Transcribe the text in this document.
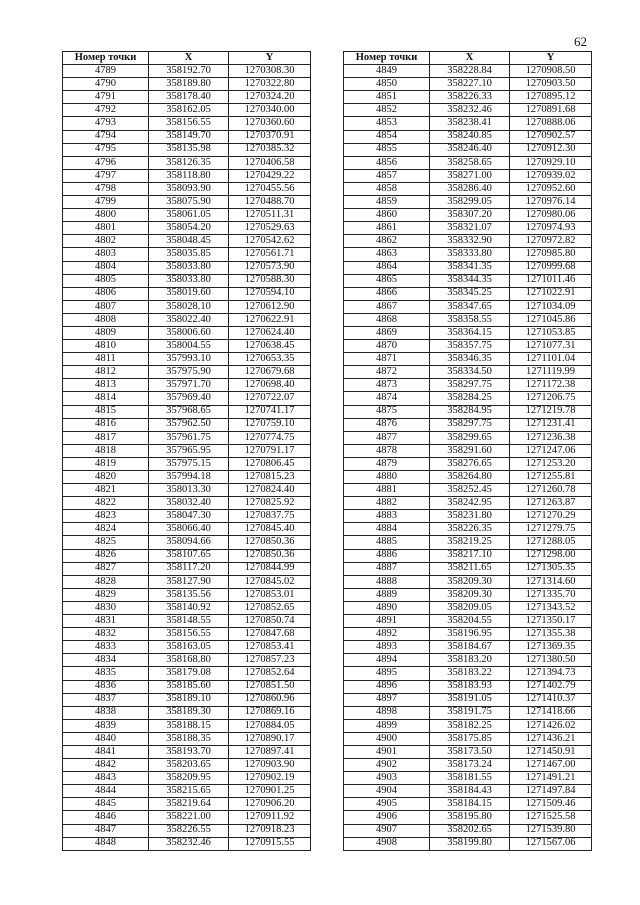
62
Номер точки	X	Y
4789	358192.70	1270308.30
4790	358189.80	1270322.80
4791	358178.40	1270324.20
4792	358162.05	1270340.00
4793	358156.55	1270360.60
4794	358149.70	1270370.91
4795	358135.98	1270385.32
4796	358126.35	1270406.58
4797	358118.80	1270429.22
4798	358093.90	1270455.56
4799	358075.90	1270488.70
4800	358061.05	1270511.31
4801	358054.20	1270529.63
4802	358048.45	1270542.62
4803	358035.85	1270561.71
4804	358033.80	1270573.90
4805	358033.80	1270588.30
4806	358019.60	1270594.10
4807	358028.10	1270612.90
4808	358022.40	1270622.91
4809	358006.60	1270624.40
4810	358004.55	1270638.45
4811	357993.10	1270653.35
4812	357975.90	1270679.68
4813	357971.70	1270698.40
4814	357969.40	1270722.07
4815	357968.65	1270741.17
4816	357962.50	1270759.10
4817	357961.75	1270774.75
4818	357965.95	1270791.17
4819	357975.15	1270806.45
4820	357994.18	1270815.23
4821	358013.30	1270824.40
4822	358032.40	1270825.92
4823	358047.30	1270837.75
4824	358066.40	1270845.40
4825	358094.66	1270850.36
4826	358107.65	1270850.36
4827	358117.20	1270844.99
4828	358127.90	1270845.02
4829	358135.56	1270853.01
4830	358140.92	1270852.65
4831	358148.55	1270850.74
4832	358156.55	1270847.68
4833	358163.05	1270853.41
4834	358168.80	1270857.23
4835	358179.08	1270852.64
4836	358185.60	1270851.50
4837	358189.10	1270860.96
4838	358189.30	1270869.16
4839	358188.15	1270884.05
4840	358188.35	1270890.17
4841	358193.70	1270897.41
4842	358203.65	1270903.90
4843	358209.95	1270902.19
4844	358215.65	1270901.25
4845	358219.64	1270906.20
4846	358221.00	1270911.92
4847	358226.55	1270918.23
4848	358232.46	1270915.55
Номер точки	X	Y
4849	358228.84	1270908.50
4850	358227.10	1270903.50
4851	358226.33	1270895.12
4852	358232.46	1270891.68
4853	358238.41	1270888.06
4854	358240.85	1270902.57
4855	358246.40	1270912.30
4856	358258.65	1270929.10
4857	358271.00	1270939.02
4858	358286.40	1270952.60
4859	358299.05	1270976.14
4860	358307.20	1270980.06
4861	358321.07	1270974.93
4862	358332.90	1270972.82
4863	358333.80	1270985.80
4864	358341.35	1270999.68
4865	358344.35	1271011.46
4866	358345.25	1271022.91
4867	358347.65	1271034.09
4868	358358.55	1271045.86
4869	358364.15	1271053.85
4870	358357.75	1271077.31
4871	358346.35	1271101.04
4872	358334.50	1271119.99
4873	358297.75	1271172.38
4874	358284.25	1271206.75
4875	358284.95	1271219.78
4876	358297.75	1271231.41
4877	358299.65	1271236.38
4878	358291.60	1271247.06
4879	358276.65	1271253.20
4880	358264.80	1271255.81
4881	358252.45	1271260.78
4882	358242.95	1271263.87
4883	358231.80	1271270.29
4884	358226.35	1271279.75
4885	358219.25	1271288.05
4886	358217.10	1271298.00
4887	358211.65	1271305.35
4888	358209.30	1271314.60
4889	358209.30	1271335.70
4890	358209.05	1271343.52
4891	358204.55	1271350.17
4892	358196.95	1271355.38
4893	358184.67	1271369.35
4894	358183.20	1271380.50
4895	358183.22	1271394.73
4896	358183.93	1271402.79
4897	358191.05	1271410.37
4898	358191.75	1271418.66
4899	358182.25	1271426.02
4900	358175.85	1271436.21
4901	358173.50	1271450.91
4902	358173.24	1271467.00
4903	358181.55	1271491.21
4904	358184.43	1271497.84
4905	358184.15	1271509.46
4906	358195.80	1271525.58
4907	358202.65	1271539.80
4908	358199.80	1271567.06
